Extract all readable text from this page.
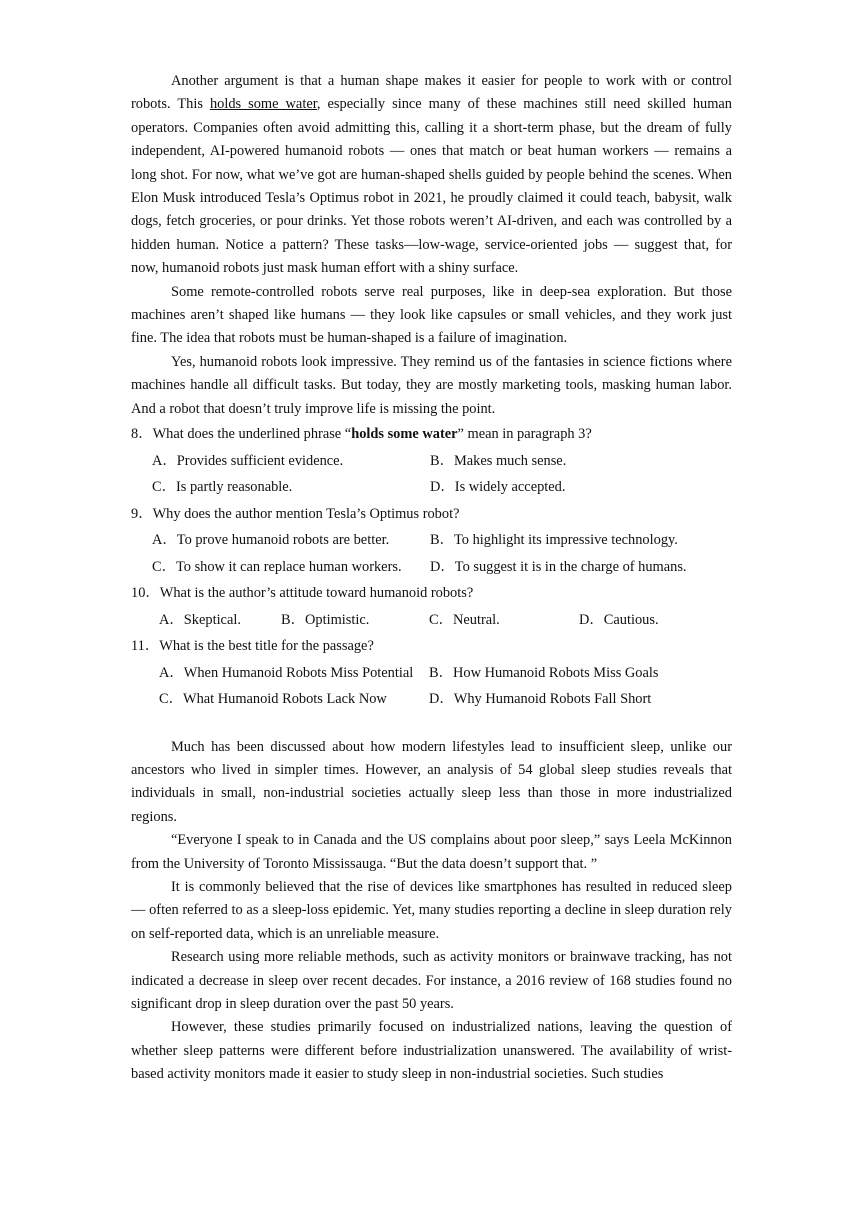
Another argument is that a human shape makes it easier for people to work with or control robots. This holds some water, especially since many of these machines still need skilled human operators. Companies often avoid admitting this, calling it a short-term phase, but the dream of fully independent, AI-powered humanoid robots — ones that match or beat human workers — remains a long shot. For now, what we’ve got are human-shaped shells guided by people behind the scenes. When Elon Musk introduced Tesla’s Optimus robot in 2021, he proudly claimed it could teach, babysit, walk dogs, fetch groceries, or pour drinks. Yet those robots weren’t AI-driven, and each was controlled by a hidden human. Notice a pattern? These tasks—low-wage, service-oriented jobs — suggest that, for now, humanoid robots just mask human effort with a shiny surface.

Some remote-controlled robots serve real purposes, like in deep-sea exploration. But those machines aren’t shaped like humans — they look like capsules or small vehicles, and they work just fine. The idea that robots must be human-shaped is a failure of imagination.

Yes, humanoid robots look impressive. They remind us of the fantasies in science fictions where machines handle all difficult tasks. But today, they are mostly marketing tools, masking human labor. And a robot that doesn’t truly improve life is missing the point.

8．What does the underlined phrase “holds some water” mean in paragraph 3?
A．Provides sufficient evidence.	B．Makes much sense.
C．Is partly reasonable.	D．Is widely accepted.
9．Why does the author mention Tesla’s Optimus robot?
A．To prove humanoid robots are better.	B．To highlight its impressive technology.
C．To show it can replace human workers. D．To suggest it is in the charge of humans.
10．What is the author’s attitude toward humanoid robots?
A．Skeptical.	B．Optimistic.	C．Neutral.	D．Cautious.
11．What is the best title for the passage?
A．When Humanoid Robots Miss Potential B．How Humanoid Robots Miss Goals
C．What Humanoid Robots Lack Now	D．Why Humanoid Robots Fall Short

Much has been discussed about how modern lifestyles lead to insufficient sleep, unlike our ancestors who lived in simpler times. However, an analysis of 54 global sleep studies reveals that individuals in small, non-industrial societies actually sleep less than those in more industrialized regions.

“Everyone I speak to in Canada and the US complains about poor sleep,” says Leela McKinnon from the University of Toronto Mississauga. “But the data doesn’t support that. ”

It is commonly believed that the rise of devices like smartphones has resulted in reduced sleep — often referred to as a sleep-loss epidemic. Yet, many studies reporting a decline in sleep duration rely on self-reported data, which is an unreliable measure.

Research using more reliable methods, such as activity monitors or brainwave tracking, has not indicated a decrease in sleep over recent decades. For instance, a 2016 review of 168 studies found no significant drop in sleep duration over the past 50 years.

However, these studies primarily focused on industrialized nations, leaving the question of whether sleep patterns were different before industrialization unanswered. The availability of wrist-based activity monitors made it easier to study sleep in non-industrial societies. Such studies
